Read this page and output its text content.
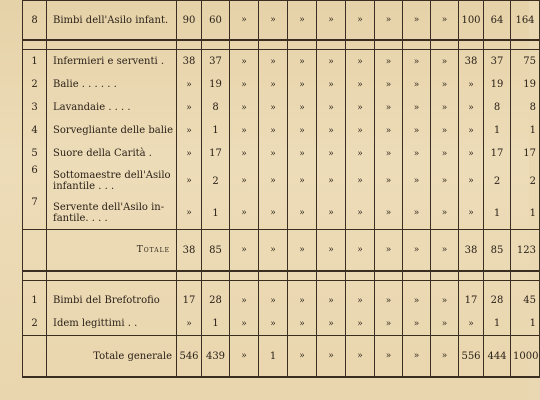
8	Bimbi dell'Asilo infant.	90	60	»	»	»	»	»	»	»	»	100	64	164

1	Infermieri e serventi .	38	37	»	»	»	»	»	»	»	»	38	37	75
2	Balie . . . . . .	»	19	»	»	»	»	»	»	»	»	»	19	19
3	Lavandaie . . . .	»	8	»	»	»	»	»	»	»	»	»	8	8
4	Sorvegliante delle balie	»	1	»	»	»	»	»	»	»	»	»	1	1
5	Suore della Carità .	»	17	»	»	»	»	»	»	»	»	»	17	17
6	Sottomaestre dell'Asilo infantile . . .	»	2	»	»	»	»	»	»	»	»	»	2	2
7	Servente dell'Asilo in-fantile. . . .	»	1	»	»	»	»	»	»	»	»	»	1	1
	Totale	38	85	»	»	»	»	»	»	»	»	38	85	123

1	Bimbi del Brefotrofio	17	28	»	»	»	»	»	»	»	»	17	28	45
2	Idem legittimi . .	»	1	»	»	»	»	»	»	»	»	»	1	1
	Totale generale	546	439	»	1	»	»	»	»	»	»	556	444	1000
